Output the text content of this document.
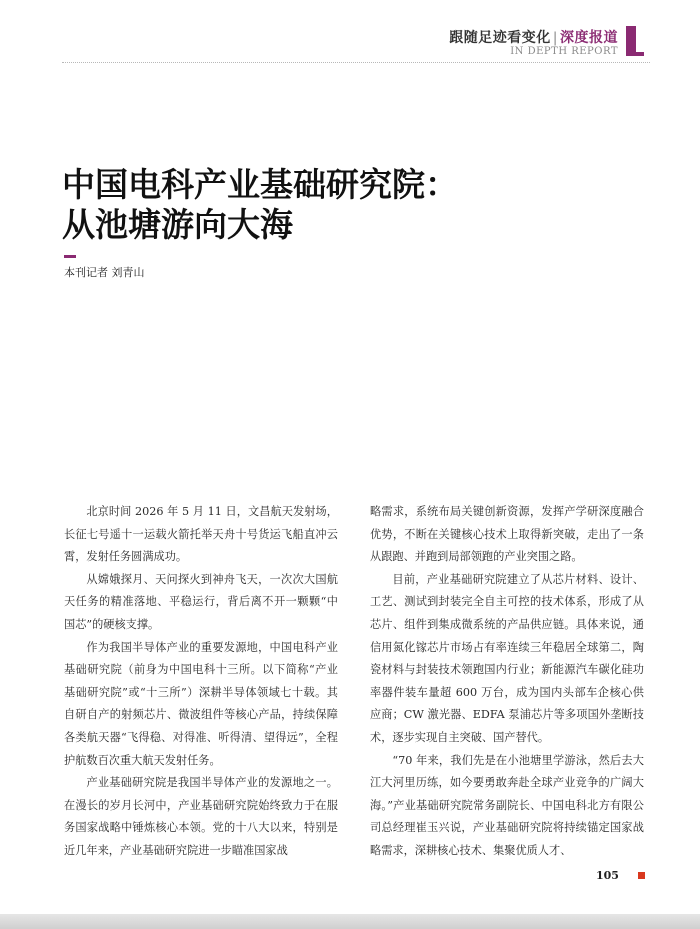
跟随足迹看变化 | 深度报道
IN DEPTH REPORT
中国电科产业基础研究院：
从池塘游向大海
本刊记者 刘青山

北京时间 2026 年 5 月 11 日，文昌航天发射场，长征七号遥十一运载火箭托举天舟十号货运飞船直冲云霄，发射任务圆满成功。

从嫦娥探月、天问探火到神舟飞天，一次次大国航天任务的精准落地、平稳运行，背后离不开一颗颗“中国芯”的硬核支撑。

作为我国半导体产业的重要发源地，中国电科产业基础研究院（前身为中国电科十三所。以下简称“产业基础研究院”或“十三所”）深耕半导体领域七十载。其自研自产的射频芯片、微波组件等核心产品，持续保障各类航天器“飞得稳、对得准、听得清、望得远”，全程护航数百次重大航天发射任务。

产业基础研究院是我国半导体产业的发源地之一。在漫长的岁月长河中，产业基础研究院始终致力于在服务国家战略中锤炼核心本领。党的十八大以来，特别是近几年来，产业基础研究院进一步瞄准国家战

略需求，系统布局关键创新资源，发挥产学研深度融合优势，不断在关键核心技术上取得新突破，走出了一条从跟跑、并跑到局部领跑的产业突围之路。

目前，产业基础研究院建立了从芯片材料、设计、工艺、测试到封装完全自主可控的技术体系，形成了从芯片、组件到集成微系统的产品供应链。具体来说，通信用氮化镓芯片市场占有率连续三年稳居全球第二，陶瓷材料与封装技术领跑国内行业；新能源汽车碳化硅功率器件装车量超 600 万台，成为国内头部车企核心供应商；CW 激光器、EDFA 泵浦芯片等多项国外垄断技术，逐步实现自主突破、国产替代。

“70 年来，我们先是在小池塘里学游泳，然后去大江大河里历练，如今要勇敢奔赴全球产业竞争的广阔大海。”产业基础研究院常务副院长、中国电科北方有限公司总经理崔玉兴说，产业基础研究院将持续锚定国家战略需求，深耕核心技术、集聚优质人才、

105
